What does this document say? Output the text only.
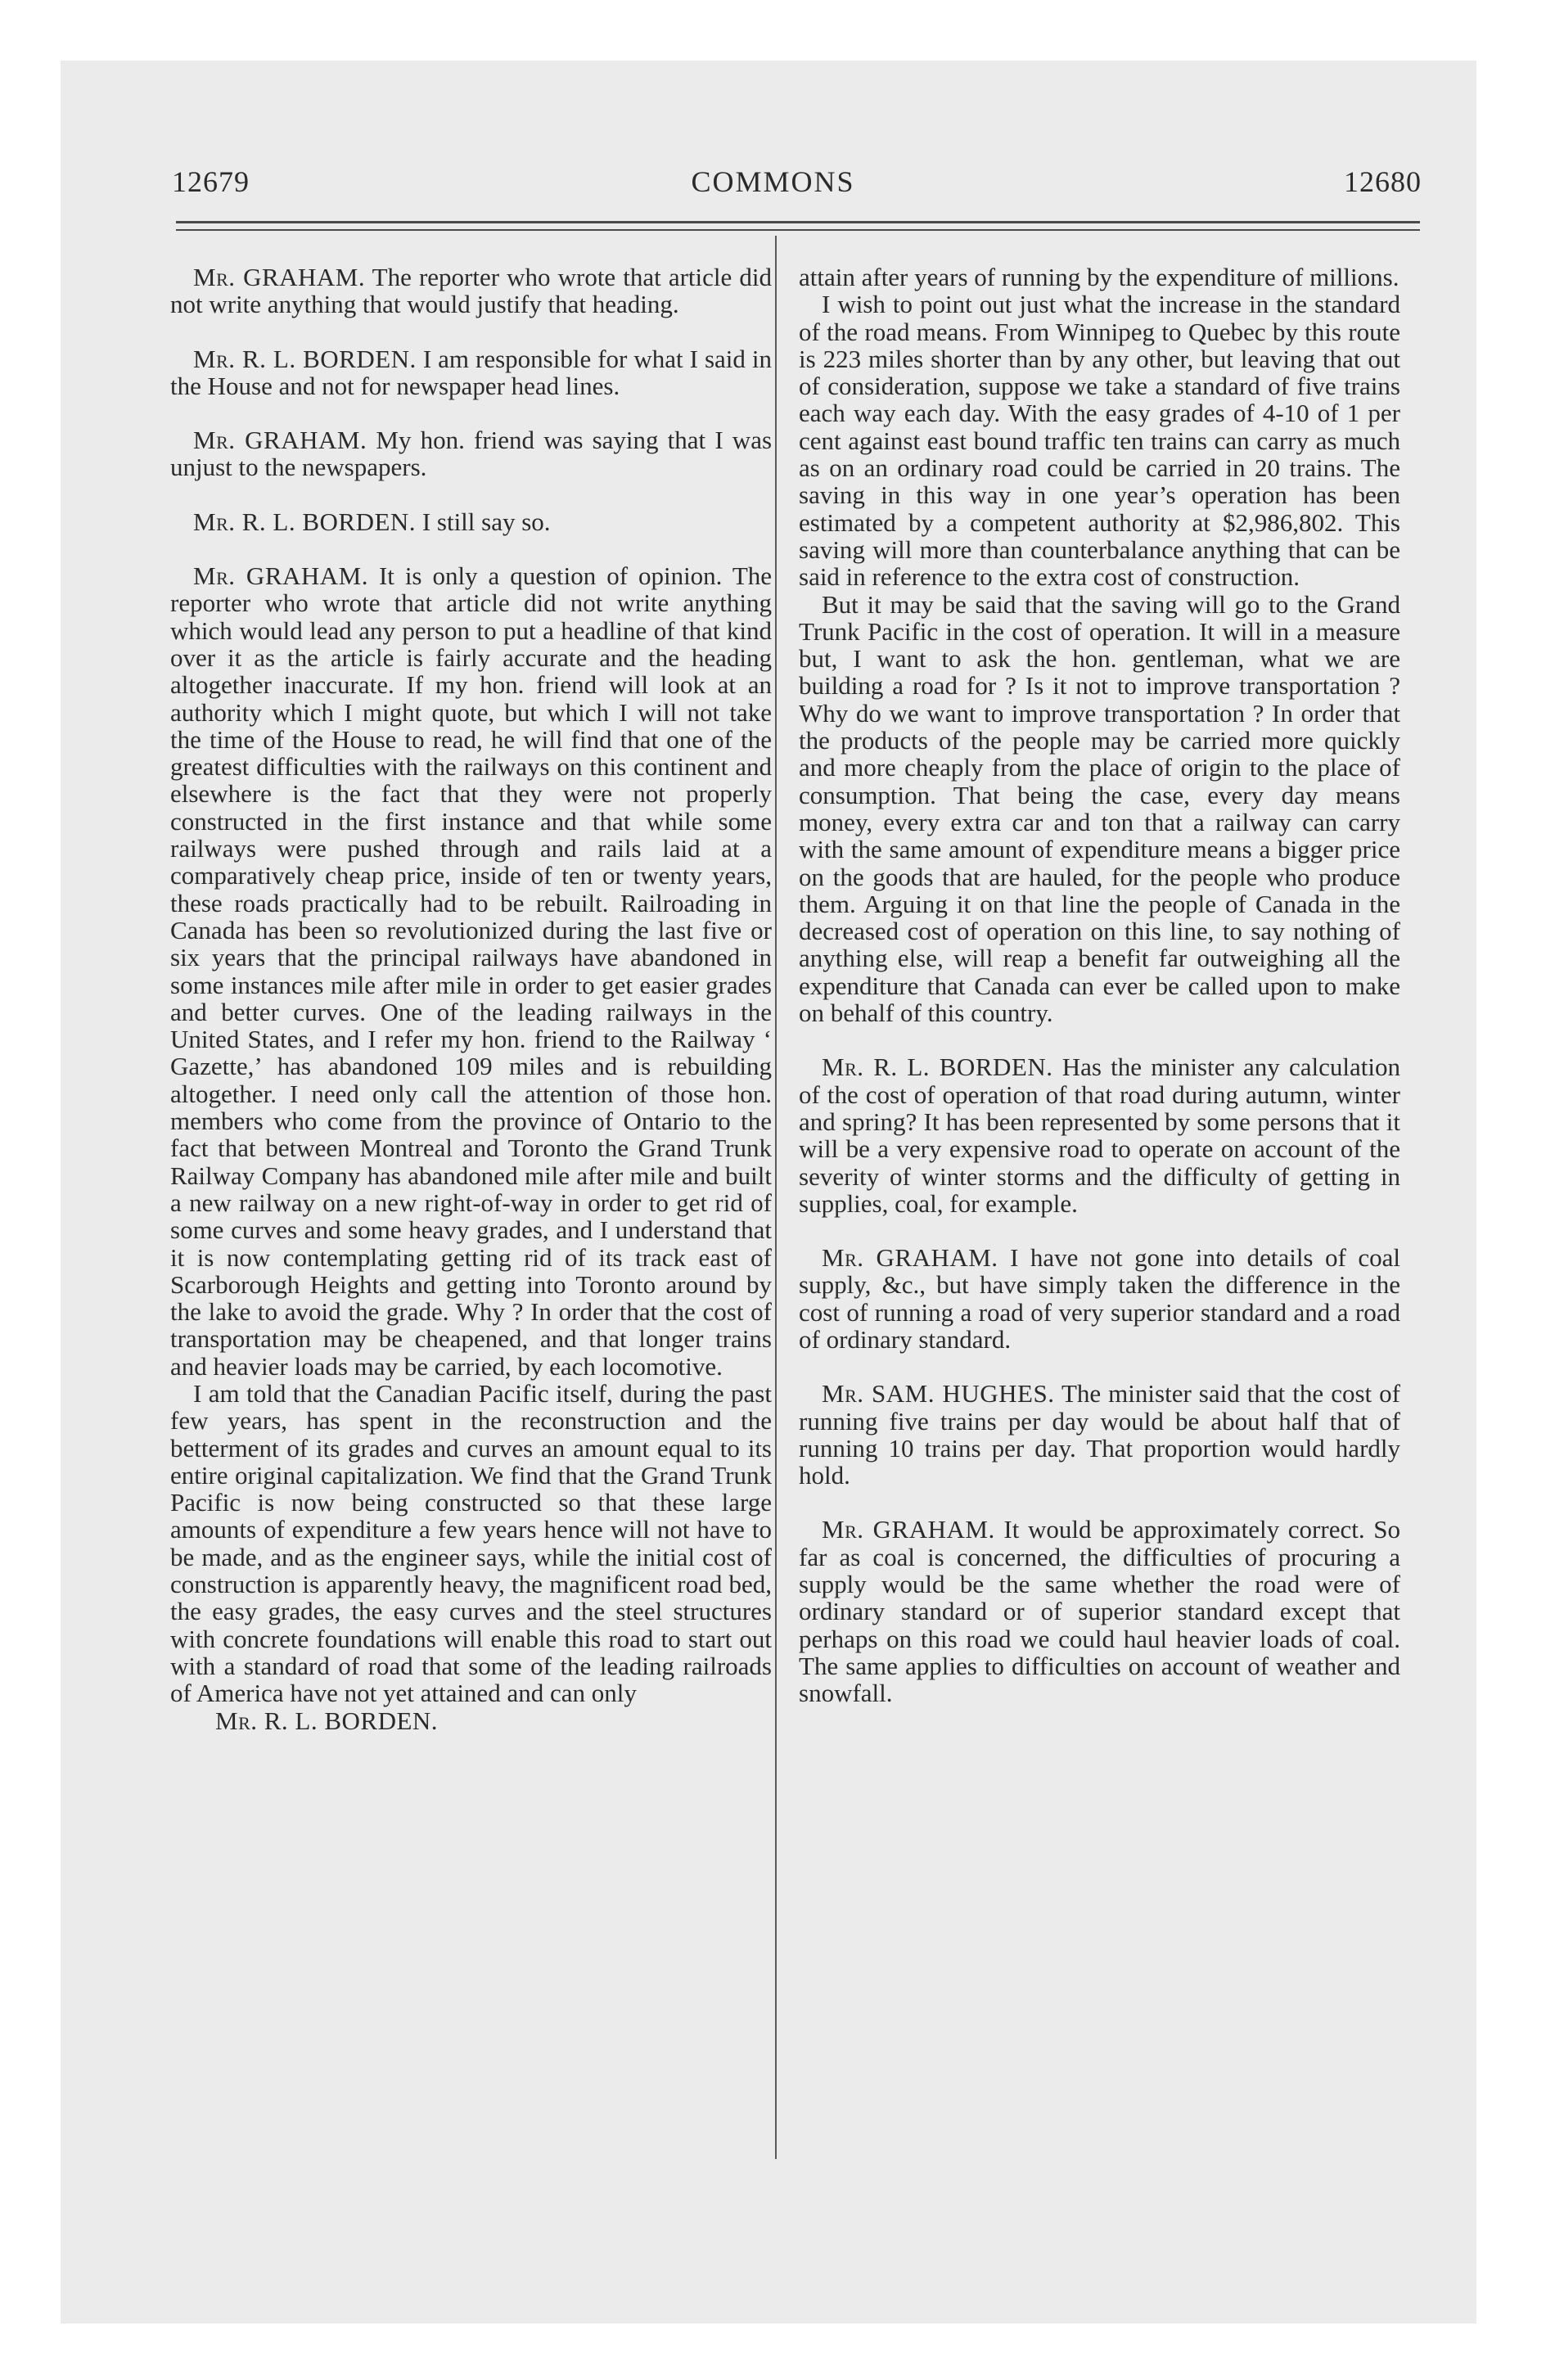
COMMONS
12679	12680

Mr. GRAHAM. The reporter who wrote that article did not write anything that would justify that heading.

Mr. R. L. BORDEN. I am responsible for what I said in the House and not for newspaper head lines.

Mr. GRAHAM. My hon. friend was saying that I was unjust to the newspapers.

Mr. R. L. BORDEN. I still say so.

Mr. GRAHAM. It is only a question of opinion. The reporter who wrote that article did not write anything which would lead any person to put a headline of that kind over it as the article is fairly accurate and the heading altogether inaccurate. If my hon. friend will look at an authority which I might quote, but which I will not take the time of the House to read, he will find that one of the greatest difficulties with the railways on this continent and elsewhere is the fact that they were not properly constructed in the first instance and that while some railways were pushed through and rails laid at a comparatively cheap price, inside of ten or twenty years, these roads practically had to be rebuilt. Railroading in Canada has been so revolutionized during the last five or six years that the principal railways have abandoned in some instances mile after mile in order to get easier grades and better curves. One of the leading railways in the United States, and I refer my hon. friend to the Railway ‘ Gazette,’ has abandoned 109 miles and is rebuilding altogether. I need only call the attention of those hon. members who come from the province of Ontario to the fact that between Montreal and Toronto the Grand Trunk Railway Company has abandoned mile after mile and built a new railway on a new right-of-way in order to get rid of some curves and some heavy grades, and I understand that it is now contemplating getting rid of its track east of Scarborough Heights and getting into Toronto around by the lake to avoid the grade. Why ? In order that the cost of transportation may be cheapened, and that longer trains and heavier loads may be carried, by each locomotive.

I am told that the Canadian Pacific itself, during the past few years, has spent in the reconstruction and the betterment of its grades and curves an amount equal to its entire original capitalization. We find that the Grand Trunk Pacific is now being constructed so that these large amounts of expenditure a few years hence will not have to be made, and as the engineer says, while the initial cost of construction is apparently heavy, the magnificent road bed, the easy grades, the easy curves and the steel structures with concrete foundations will enable this road to start out with a standard of road that some of the leading railroads of America have not yet attained and can only

Mr. R. L. BORDEN.

attain after years of running by the expenditure of millions.

I wish to point out just what the increase in the standard of the road means. From Winnipeg to Quebec by this route is 223 miles shorter than by any other, but leaving that out of consideration, suppose we take a standard of five trains each way each day. With the easy grades of 4-10 of 1 per cent against east bound traffic ten trains can carry as much as on an ordinary road could be carried in 20 trains. The saving in this way in one year’s operation has been estimated by a competent authority at $2,986,802. This saving will more than counterbalance anything that can be said in reference to the extra cost of construction.

But it may be said that the saving will go to the Grand Trunk Pacific in the cost of operation. It will in a measure but, I want to ask the hon. gentleman, what we are building a road for ? Is it not to improve transportation ? Why do we want to improve transportation ? In order that the products of the people may be carried more quickly and more cheaply from the place of origin to the place of consumption. That being the case, every day means money, every extra car and ton that a railway can carry with the same amount of expenditure means a bigger price on the goods that are hauled, for the people who produce them. Arguing it on that line the people of Canada in the decreased cost of operation on this line, to say nothing of anything else, will reap a benefit far outweighing all the expenditure that Canada can ever be called upon to make on behalf of this country.

Mr. R. L. BORDEN. Has the minister any calculation of the cost of operation of that road during autumn, winter and spring? It has been represented by some persons that it will be a very expensive road to operate on account of the severity of winter storms and the difficulty of getting in supplies, coal, for example.

Mr. GRAHAM. I have not gone into details of coal supply, &c., but have simply taken the difference in the cost of running a road of very superior standard and a road of ordinary standard.

Mr. SAM. HUGHES. The minister said that the cost of running five trains per day would be about half that of running 10 trains per day. That proportion would hardly hold.

Mr. GRAHAM. It would be approximately correct. So far as coal is concerned, the difficulties of procuring a supply would be the same whether the road were of ordinary standard or of superior standard except that perhaps on this road we could haul heavier loads of coal. The same applies to difficulties on account of weather and snowfall.
